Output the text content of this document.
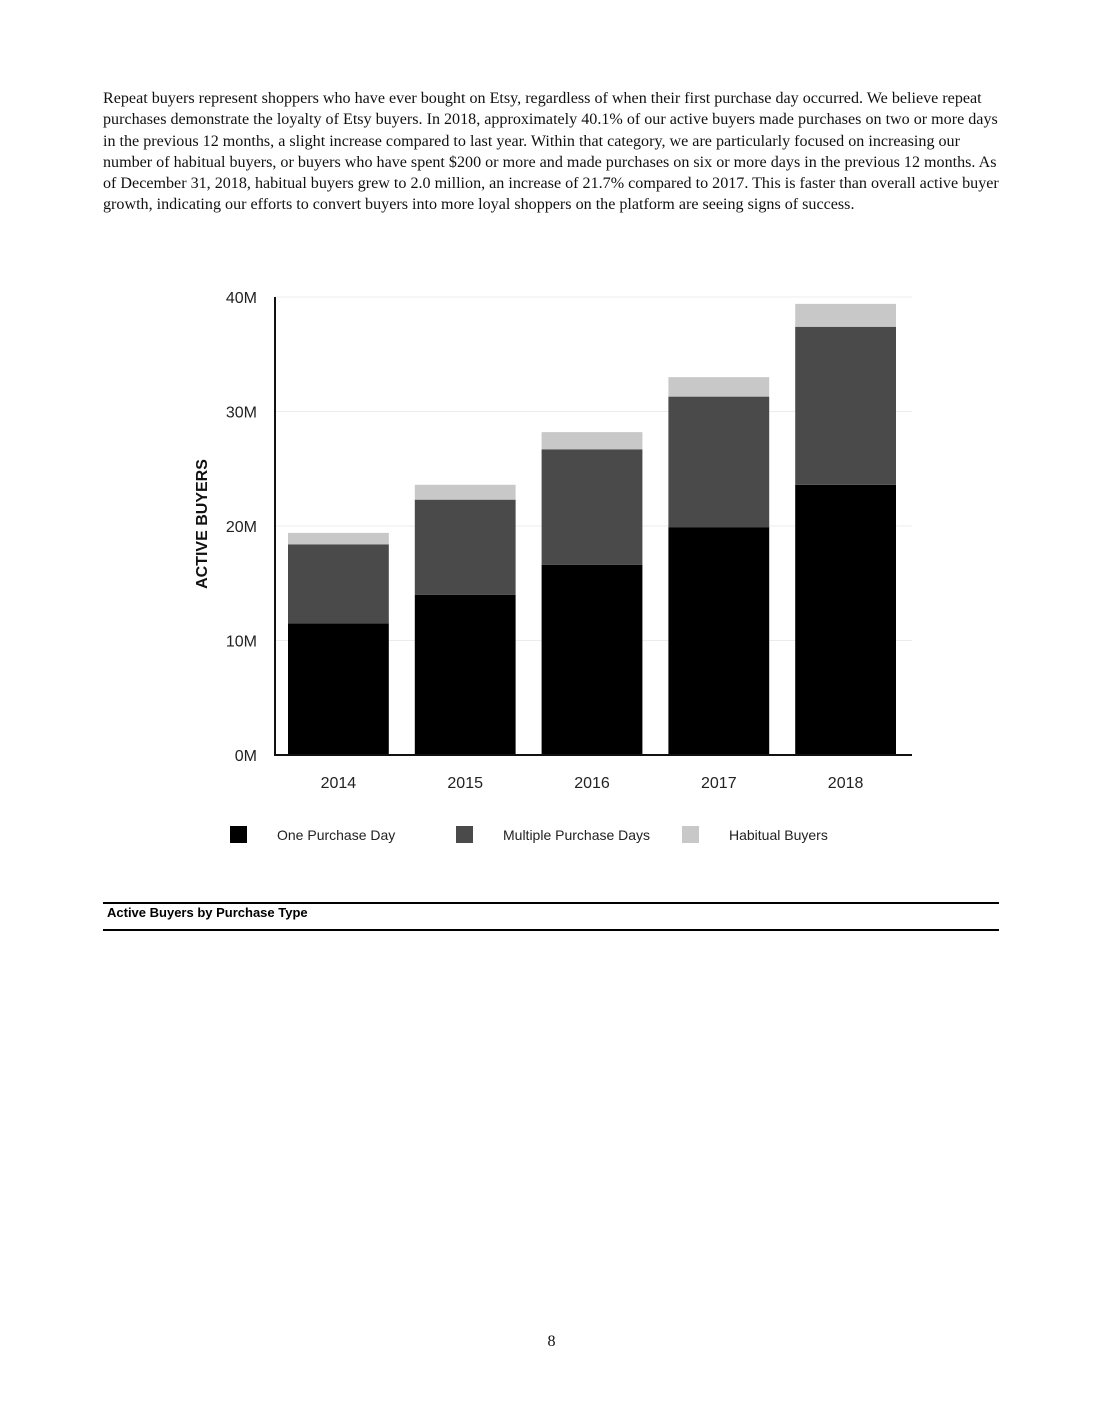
Repeat buyers represent shoppers who have ever bought on Etsy, regardless of when their first purchase day occurred. We believe repeat purchases demonstrate the loyalty of Etsy buyers. In 2018, approximately 40.1% of our active buyers made purchases on two or more days in the previous 12 months, a slight increase compared to last year. Within that category, we are particularly focused on increasing our number of habitual buyers, or buyers who have spent $200 or more and made purchases on six or more days in the previous 12 months. As of December 31, 2018, habitual buyers grew to 2.0 million, an increase of 21.7% compared to 2017. This is faster than overall active buyer growth, indicating our efforts to convert buyers into more loyal shoppers on the platform are seeing signs of success.
0M
10M
20M
30M
40M
2014	2015	2016	2017	2018
ACTIVE BUYERS
One Purchase Day	Multiple Purchase Days	Habitual Buyers
Active Buyers by Purchase Type
8
